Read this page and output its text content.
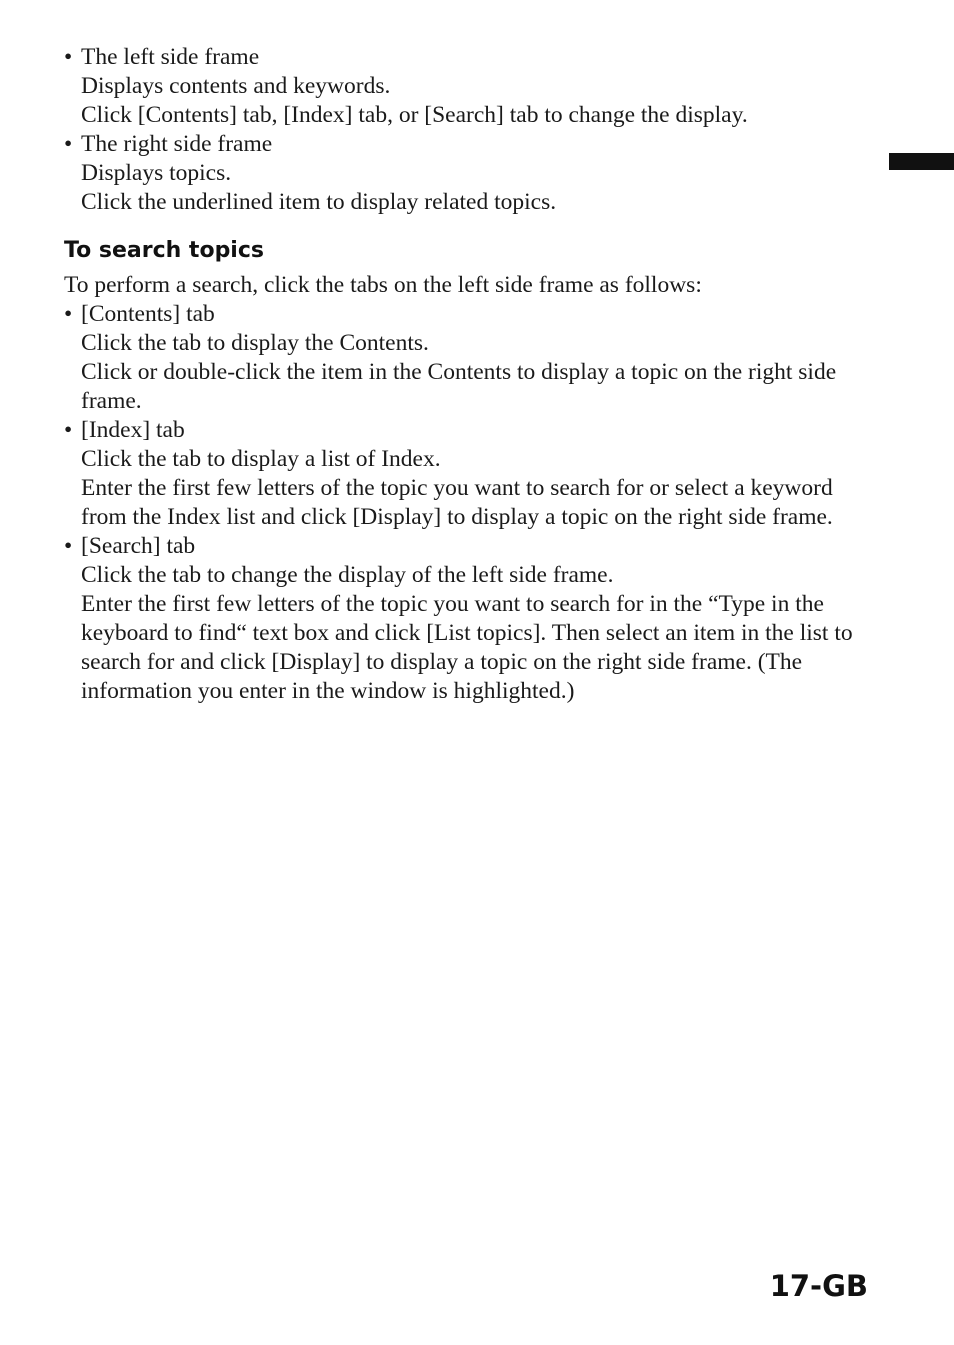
• The left side frame
Displays contents and keywords.
Click [Contents] tab, [Index] tab, or [Search] tab to change the display.
• The right side frame
Displays topics.
Click the underlined item to display related topics.
To search topics
To perform a search, click the tabs on the left side frame as follows:
• [Contents] tab
Click the tab to display the Contents.
Click or double-click the item in the Contents to display a topic on the right side frame.
• [Index] tab
Click the tab to display a list of Index.
Enter the first few letters of the topic you want to search for or select a keyword from the Index list and click [Display] to display a topic on the right side frame.
• [Search] tab
Click the tab to change the display of the left side frame.
Enter the first few letters of the topic you want to search for in the “Type in the keyboard to find“ text box and click [List topics]. Then select an item in the list to search for and click [Display] to display a topic on the right side frame. (The information you enter in the window is highlighted.)
17-GB
